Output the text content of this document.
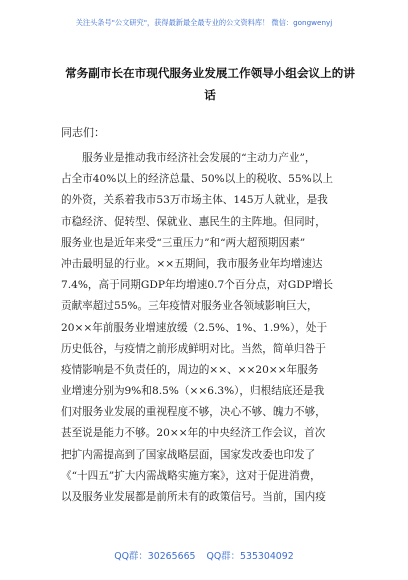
关注头条号"公文研究"，获得最新最全最专业的公文资料库！ 微信：gongwenyj
常务副市长在市现代服务业发展工作领导小组会议上的讲
话
同志们：
　　服务业是推动我市经济社会发展的“主动力产业”，
占全市40%以上的经济总量、50%以上的税收、55%以上
的外资，关系着我市53万市场主体、145万人就业，是我
市稳经济、促转型、保就业、惠民生的主阵地。但同时，
服务业也是近年来受“三重压力”和“两大超预期因素”
冲击最明显的行业。××五期间，我市服务业年均增速达
7.4%，高于同期GDP年均增速0.7个百分点，对GDP增长
贡献率超过55%。三年疫情对服务业各领域影响巨大，
20××年前服务业增速放缓（2.5%、1%、1.9%），处于
历史低谷，与疫情之前形成鲜明对比。当然，简单归咎于
疫情影响是不负责任的，周边的××、××20××年服务
业增速分别为9%和8.5%（××6.3%），归根结底还是我
们对服务业发展的重视程度不够，决心不够、魄力不够，
甚至说是能力不够。20××年的中央经济工作会议，首次
把扩内需提高到了国家战略层面，国家发改委也印发了
《“十四五”扩大内需战略实施方案》，这对于促进消费，
以及服务业发展都是前所未有的政策信号。当前，国内疫
QQ群：30265665 QQ群：535304092
